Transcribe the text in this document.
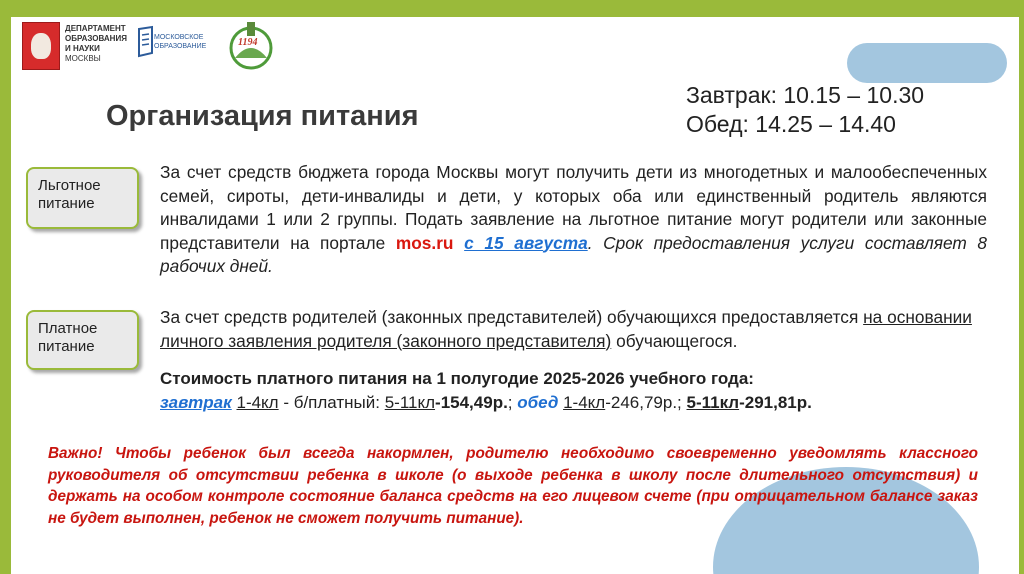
ДЕПАРТАМЕНТ
ОБРАЗОВАНИЯ
И НАУКИ
МОСКВЫ
МОСКОВСКОЕ
ОБРАЗОВАНИЕ	1194
Организация питания
Завтрак: 10.15 – 10.30
Обед: 14.25 – 14.40
Льготное
питание
За счет средств бюджета города Москвы могут получить дети из многодетных и малообеспеченных семей, сироты, дети-инвалиды и дети, у которых оба или единственный родитель являются инвалидами 1 или 2 группы. Подать заявление на льготное питание могут родители или законные представители на портале mos.ru с 15 августа. Срок предоставления услуги составляет 8 рабочих дней.
Платное
питание
За счет средств родителей (законных представителей) обучающихся предоставляется на основании личного заявления родителя (законного представителя) обучающегося.
Стоимость платного питания на 1 полугодие 2025-2026 учебного года:
завтрак 1-4кл - б/платный: 5-11кл-154,49р.; обед 1-4кл-246,79р.; 5-11кл-291,81р.
Важно! Чтобы ребенок был всегда накормлен, родителю необходимо своевременно уведомлять классного руководителя об отсутствии ребенка в школе (о выходе ребенка в школу после длительного отсутствия) и держать на особом контроле состояние баланса средств на его лицевом счете (при отрицательном балансе заказ не будет выполнен, ребенок не сможет получить питание).
